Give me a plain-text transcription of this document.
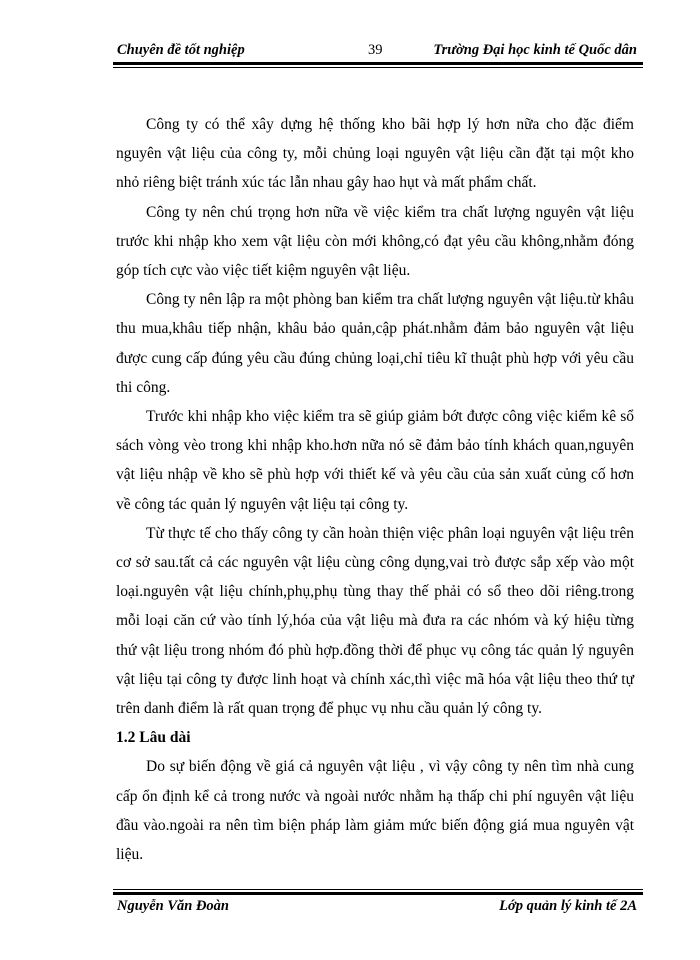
Chuyên đề tốt nghiệp	39	Trường Đại học kinh tế Quốc dân

Công ty có thể xây dựng hệ thống kho bãi hợp lý hơn nữa cho đặc điểm nguyên vật liệu của công ty, mỗi chủng loại nguyên vật liệu cần đặt tại một kho nhỏ riêng biệt tránh xúc tác lẫn nhau gây hao hụt và mất phẩm chất.

Công ty nên chú trọng hơn nữa về việc kiểm tra chất lượng nguyên vật liệu trước khi nhập kho xem vật liệu còn mới không,có đạt yêu cầu không,nhằm đóng góp tích cực vào việc tiết kiệm nguyên vật liệu.

Công ty nên lập ra một phòng ban kiểm tra chất lượng nguyên vật liệu.từ khâu thu mua,khâu tiếp nhận, khâu bảo quản,cập phát.nhằm đảm bảo nguyên vật liệu được cung cấp đúng yêu cầu đúng chủng loại,chỉ tiêu kĩ thuật phù hợp với yêu cầu thi công.

Trước khi nhập kho việc kiểm tra sẽ giúp giảm bớt được công việc kiểm kê sổ sách vòng vèo trong khi nhập kho.hơn nữa nó sẽ đảm bảo tính khách quan,nguyên vật liệu nhập về kho sẽ phù hợp với thiết kế và yêu cầu của sản xuất củng cố hơn về công tác quản lý nguyên vật liệu tại công ty.

Từ thực tế cho thấy công ty cần hoàn thiện việc phân loại nguyên vật liệu trên cơ sở sau.tất cả các nguyên vật liệu cùng công dụng,vai trò được sắp xếp vào một loại.nguyên vật liệu chính,phụ,phụ tùng thay thế phải có sổ theo dõi riêng.trong mỗi loại căn cứ vào tính lý,hóa của vật liệu mà đưa ra các nhóm và ký hiệu từng thứ vật liệu trong nhóm đó phù hợp.đồng thời để phục vụ công tác quản lý nguyên vật liệu tại công ty được linh hoạt và chính xác,thì việc mã hóa vật liệu theo thứ tự trên danh điểm là rất quan trọng để phục vụ nhu cầu quản lý công ty.

1.2 Lâu dài

Do sự biến động về giá cả nguyên vật liệu , vì vậy công ty nên tìm nhà cung cấp ổn định kể cả trong nước và ngoài nước nhằm hạ thấp chi phí nguyên vật liệu đầu vào.ngoài ra nên tìm biện pháp làm giảm mức biến động giá mua nguyên vật liệu.

Nguyễn Văn Đoàn	Lớp quản lý kinh tế 2A
